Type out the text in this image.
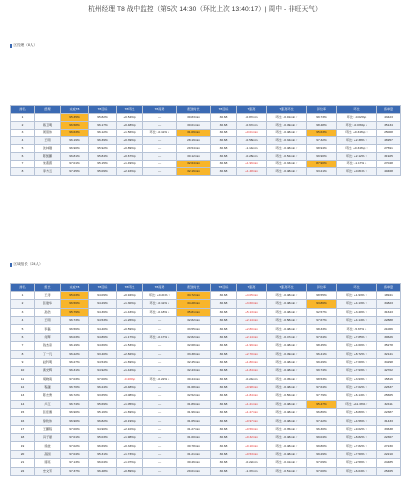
杭州经理 T8 战中监控（第5次 14:30（环比上次 13:40:17）| 周中 - 非旺天气）
区经理（8人）
排名	经理	完成T8	T8目标	T8环比	T8趋势	配送时长	T8目标	T距离	T距离环比	异位率	环比	客单量
1		95.35%	95.82%	+0.54%p	—	30.83min	30.68	-0.87min	环比: -0.01min ↑	99.73%	环比: -0.02%p	43423
2	蒋卫明	96.58%	96.17%	+0.48%p	—	30.01min	30.68	-0.67min	环比: -0.49min ↑	98.48%	环比: -0.03%p ↓	35134
3	周思伟	96.63%	96.12%	+1.56%p	环比: -0.11% ↓	31.09min	30.68	+0.01min	环比: -0.48min ↑	95.63%	环比: +0.34%p ↑	25008
4	王明	96.19%	96.39%	+0.39%p	—	28.19min	30.68	-0.58min	环比: -0.34min ↑	97.32%	环比: +2.38% ↑	46957
5	沈林刚	96.90%	95.92%	+0.89%p	—	29.54min	30.68	-1.14min	环比: -0.48min ↑	98.94%	环比: +0.34%p ↑	27591
6	陈凯鹏	96.81%	95.84%	+0.67%p	—	30.12min	30.68	-0.28min	环比: -0.52min ↑	99.90%	环比: +2.12% ↑	31925
7	朱燕霞	97.01%	95.15%	+1.49%p	—	32.64min	30.68	+1.96min	环比: -0.33min ↑	87.90%	环比: -1.17% ↓	27048
8	李方云	97.25%	95.09%	+2.16%p	—	32.16min	30.68	+1.48min	环比: -0.48min ↑	93.21%	环比: +0.81% ↑	40468
区域组长（24人）
排名	组长	完成T8	T8目标	T8环比	T8趋势	配送时长	T8目标	T距离	T距离环比	异位率	环比	客单量
1	王涛	95.03%	94.09%	+0.94%p	环比: +0.21% ↑	34.72min	30.68	+4.05min	环比: -0.48min ↑	98.55%	环比: +1.93% ↑	18941
2	张建华	96.56%	94.29%	+1.30%p	环比: -0.11% ↓	34.28min	30.68	+3.60min	环比: -0.48min ↑	93.86%	环比: +4.13% ↑	34823
3	孙浩	95.79%	94.36%	+1.43%p	环比: -0.18% ↓	35.81min	30.68	+5.13min	环比: -0.48min ↑	92.57%	环比: +3.40% ↑	31643
4	王明	96.73%	94.53%	+1.26%p	—	32.82min	30.68	+2.14min	环比: -0.58min ↑	97.67%	环比: +4.14% ↑	22888
5	李磊	96.56%	94.40%	+0.59%p	—	33.55min	30.68	+2.80min	环比: -0.48min ↑	98.33%	环比: -5.67% ↓	21066
6	何辉	96.03%	94.86%	+1.17%p	环比: -0.17% ↓	32.82min	30.68	+2.14min	环比: -0.47min ↑	97.64%	环比: +7.85% ↑	30626
7	钱杰彦	96.19%	94.66%	+1.53%p	—	32.68min	30.68	+1.99min	环比: -0.48min ↑	98.45%	环比: +4.60% ↑	35278
8	丁一凡	96.22%	93.40%	+2.82%p	—	33.38min	30.68	+2.70min	环比: -0.49min ↑	96.41%	环比: +8.72% ↑	32141
9	赵科明	96.27%	94.54%	+1.69%p	—	32.45min	30.68	+1.80min	环比: -0.48min ↑	99.29%	环比: +7.60% ↑	34298
10	黄光辉	96.31%	94.92%	+1.44%p	—	32.43min	30.68	+1.84min	环比: -0.48min ↑	99.74%	环比: +7.93% ↑	42702
11	胡晓南	97.03%	97.00%	-0.40%p	环比: -0.22% ↓	30.44min	30.68	-0.24min	环比: -0.45min ↑	98.53%	环比: +3.93% ↑	15816
12	程越	96.70%	96.24%	+0.48%p	—	31.68min	30.68	+0.98min	环比: -0.48min ↑	97.64%	环比: +7.02% ↑	22637
13	陈志勇	96.72%	93.65%	+3.08%p	—	32.52min	30.68	+1.84min	环比: -0.56min ↑	97.79%	环比: +6.14% ↑	25665
14	卢江	96.74%	95.69%	+1.05%p	—	31.89min	30.68	+1.21min	环比: -0.48min ↑	95.47%	环比: +11.33% ↑	32411
15	张佳惠	96.90%	95.16%	+1.69%p	—	31.96min	30.68	+1.27min	环比: -0.48min ↑	96.86%	环比: +8.80% ↑	22387
16	徐钦伟	96.90%	96.82%	+0.19%p	—	31.65min	30.68	+0.97min	环比: -0.48min ↑	97.22%	环比: +4.56% ↑	31433
17	王鹏程	97.00%	94.90%	+2.10%p	—	31.27min	30.68	+0.59min	环比: -0.35min ↑	96.30%	环比: +9.02% ↑	33638
18	冯子豪	97.01%	95.03%	+1.98%p	—	31.00min	30.68	+0.32min	环比: -0.48min ↑	99.04%	环比: +8.82% ↑	22367
19	徐波	97.02%	96.69%	+0.33%p	—	30.78min	30.68	+0.10min	环比: -0.48min ↑	99.80%	环比: +7.82% ↑	27230
20	高园	97.04%	95.31%	+1.73%p	—	31.21min	30.68	+0.53min	环比: -0.48min ↑	99.29%	环比: +7.50% ↑	22210
21	谭亮	97.13%	96.04%	+1.07%p	—	30.46min	30.68	-0.22min	环比: -0.41min ↑	97.09%	环比: +2.59% ↑	24485
22	史文芳	97.37%	96.48%	+0.89%p	—	29.01min	30.68	-1.37min	环比: -0.51min ↑	97.00%	环比: +6.04% ↑	25465
